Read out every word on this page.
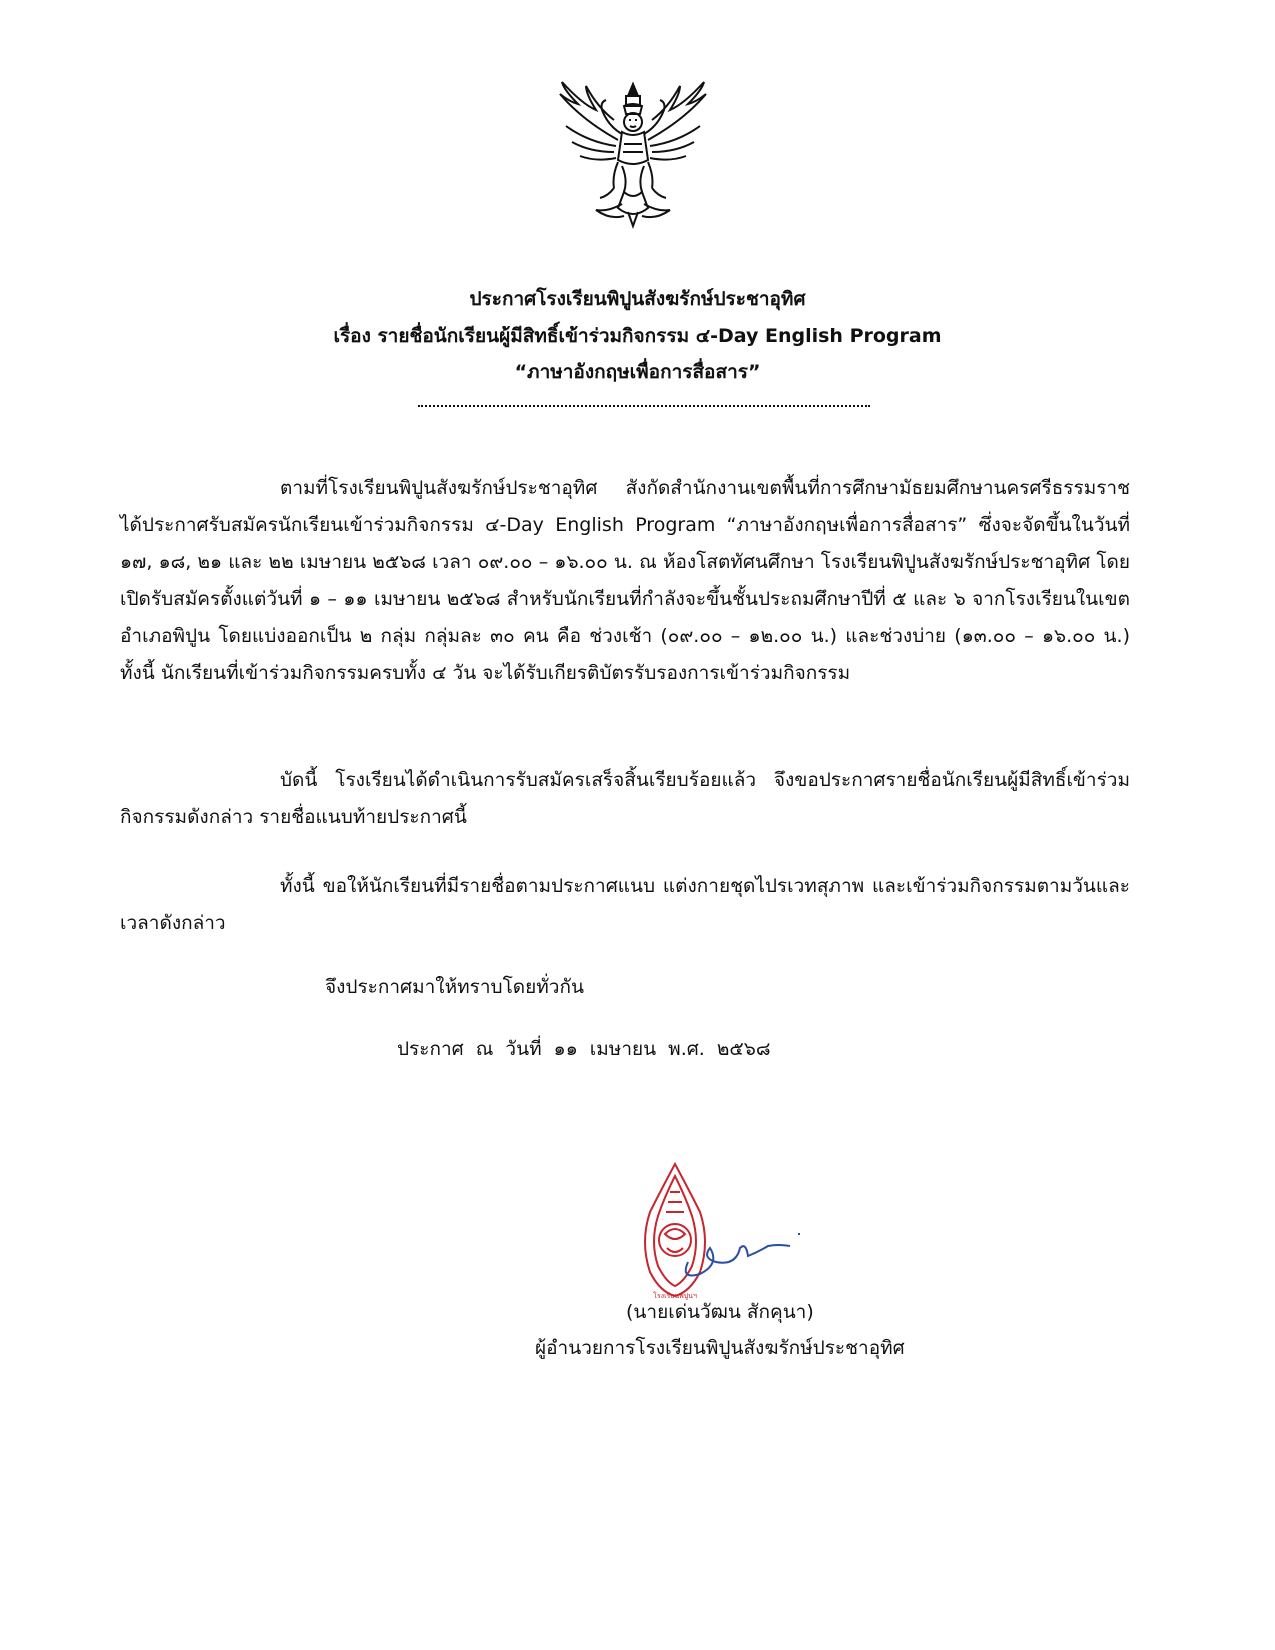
ประกาศโรงเรียนพิปูนสังฆรักษ์ประชาอุทิศ
เรื่อง รายชื่อนักเรียนผู้มีสิทธิ์เข้าร่วมกิจกรรม ๔-Day English Program
“ภาษาอังกฤษเพื่อการสื่อสาร”

ตามที่โรงเรียนพิปูนสังฆรักษ์ประชาอุทิศ สังกัดสำนักงานเขตพื้นที่การศึกษามัธยมศึกษานครศรีธรรมราช ได้ประกาศรับสมัครนักเรียนเข้าร่วมกิจกรรม ๔-Day English Program “ภาษาอังกฤษเพื่อการสื่อสาร” ซึ่งจะจัดขึ้นในวันที่ ๑๗, ๑๘, ๒๑ และ ๒๒ เมษายน ๒๕๖๘ เวลา ๐๙.๐๐ – ๑๖.๐๐ น. ณ ห้องโสตทัศนศึกษา โรงเรียนพิปูนสังฆรักษ์ประชาอุทิศ โดยเปิดรับสมัครตั้งแต่วันที่ ๑ – ๑๑ เมษายน ๒๕๖๘ สำหรับนักเรียนที่กำลังจะขึ้นชั้นประถมศึกษาปีที่ ๕ และ ๖ จากโรงเรียนในเขตอำเภอพิปูน โดยแบ่งออกเป็น ๒ กลุ่ม กลุ่มละ ๓๐ คน คือ ช่วงเช้า (๐๙.๐๐ – ๑๒.๐๐ น.) และช่วงบ่าย (๑๓.๐๐ – ๑๖.๐๐ น.) ทั้งนี้ นักเรียนที่เข้าร่วมกิจกรรมครบทั้ง ๔ วัน จะได้รับเกียรติบัตรรับรองการเข้าร่วมกิจกรรม

บัดนี้ โรงเรียนได้ดำเนินการรับสมัครเสร็จสิ้นเรียบร้อยแล้ว จึงขอประกาศรายชื่อนักเรียนผู้มีสิทธิ์เข้าร่วมกิจกรรมดังกล่าว รายชื่อแนบท้ายประกาศนี้

ทั้งนี้ ขอให้นักเรียนที่มีรายชื่อตามประกาศแนบ แต่งกายชุดไปรเวทสุภาพ และเข้าร่วมกิจกรรมตามวันและเวลาดังกล่าว

จึงประกาศมาให้ทราบโดยทั่วกัน
ประกาศ ณ วันที่ ๑๑ เมษายน พ.ศ. ๒๕๖๘
โรงเรียนพิปูนฯ
(นายเด่นวัฒน สักคุนา)
ผู้อำนวยการโรงเรียนพิปูนสังฆรักษ์ประชาอุทิศ
